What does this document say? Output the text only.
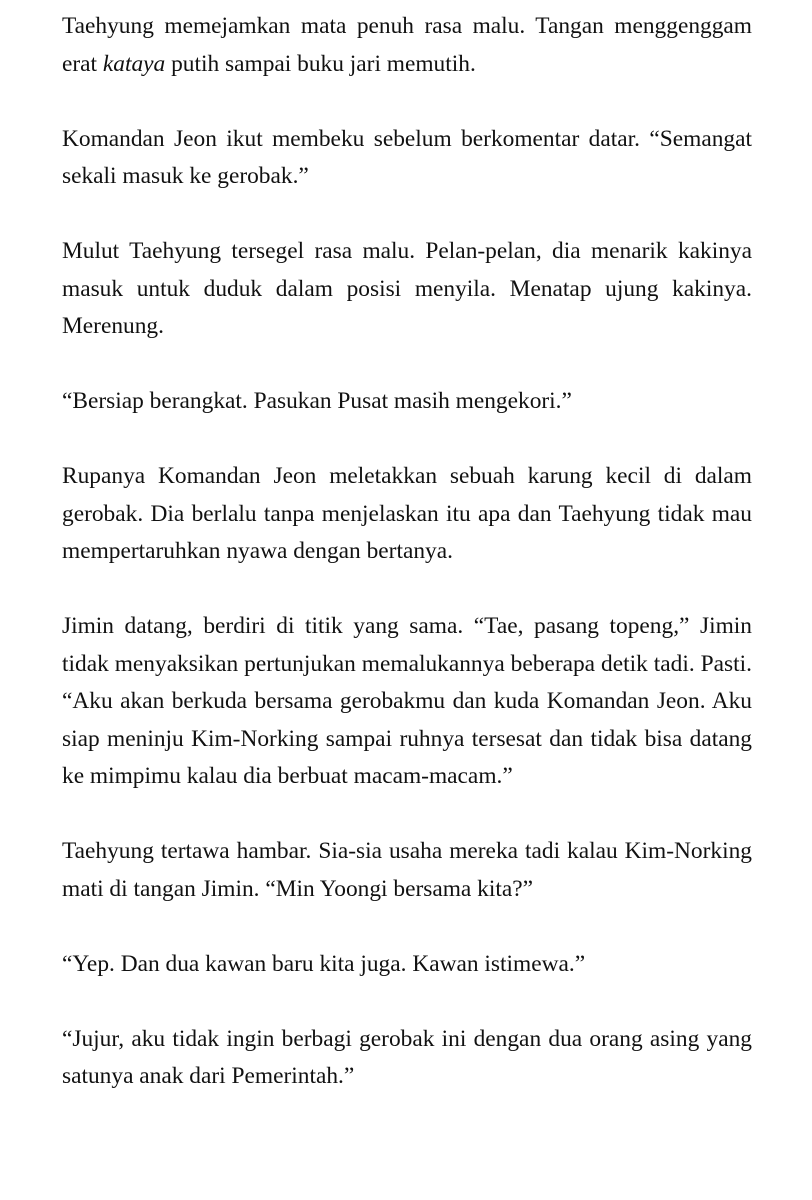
Taehyung memejamkan mata penuh rasa malu. Tangan menggenggam erat kataya putih sampai buku jari memutih.

Komandan Jeon ikut membeku sebelum berkomentar datar. “Semangat sekali masuk ke gerobak.”

Mulut Taehyung tersegel rasa malu. Pelan-pelan, dia menarik kakinya masuk untuk duduk dalam posisi menyila. Menatap ujung kakinya. Merenung.

“Bersiap berangkat. Pasukan Pusat masih mengekori.”

Rupanya Komandan Jeon meletakkan sebuah karung kecil di dalam gerobak. Dia berlalu tanpa menjelaskan itu apa dan Taehyung tidak mau mempertaruhkan nyawa dengan bertanya.

Jimin datang, berdiri di titik yang sama. “Tae, pasang topeng,” Jimin tidak menyaksikan pertunjukan memalukannya beberapa detik tadi. Pasti. “Aku akan berkuda bersama gerobakmu dan kuda Komandan Jeon. Aku siap meninju Kim-Norking sampai ruhnya tersesat dan tidak bisa datang ke mimpimu kalau dia berbuat macam-macam.”

Taehyung tertawa hambar. Sia-sia usaha mereka tadi kalau Kim-Norking mati di tangan Jimin. “Min Yoongi bersama kita?”

“Yep. Dan dua kawan baru kita juga. Kawan istimewa.”

“Jujur, aku tidak ingin berbagi gerobak ini dengan dua orang asing yang satunya anak dari Pemerintah.”
